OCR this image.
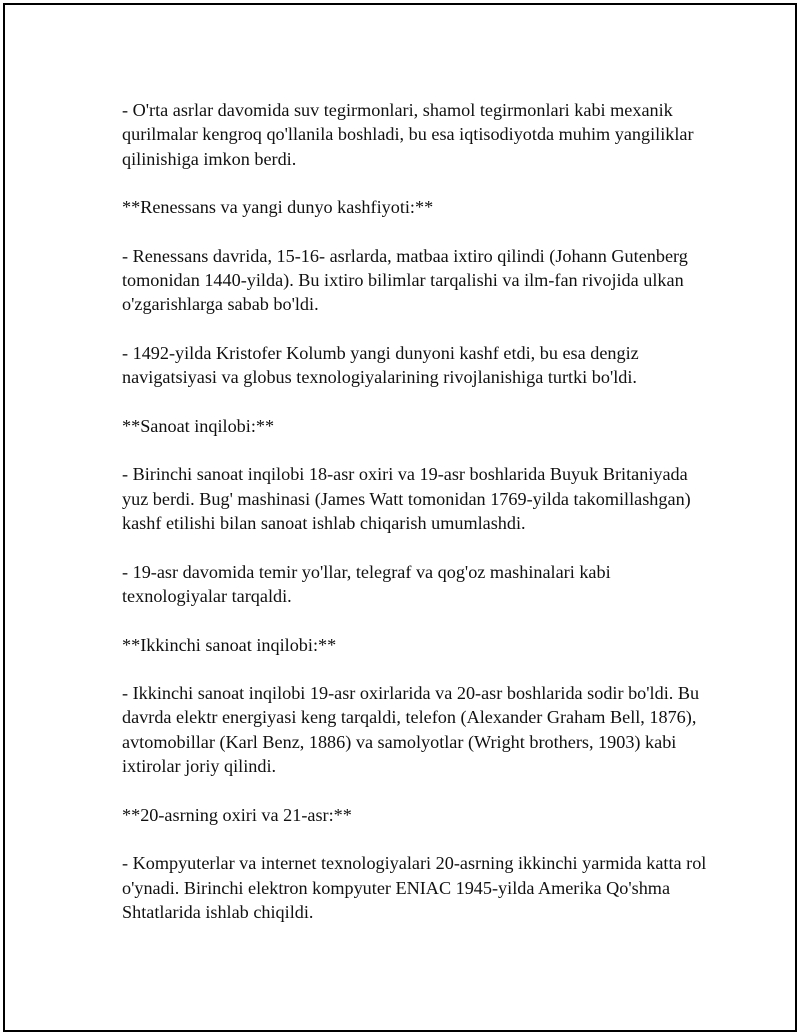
- O'rta asrlar davomida suv tegirmonlari, shamol tegirmonlari kabi mexanik qurilmalar kengroq qo'llanila boshladi, bu esa iqtisodiyotda muhim yangiliklar qilinishiga imkon berdi.

**Renessans va yangi dunyo kashfiyoti:**

- Renessans davrida, 15-16- asrlarda, matbaa ixtiro qilindi (Johann Gutenberg tomonidan 1440-yilda). Bu ixtiro bilimlar tarqalishi va ilm-fan rivojida ulkan o'zgarishlarga sabab bo'ldi.

- 1492-yilda Kristofer Kolumb yangi dunyoni kashf etdi, bu esa dengiz navigatsiyasi va globus texnologiyalarining rivojlanishiga turtki bo'ldi.

**Sanoat inqilobi:**

- Birinchi sanoat inqilobi 18-asr oxiri va 19-asr boshlarida Buyuk Britaniyada yuz berdi. Bug' mashinasi (James Watt tomonidan 1769-yilda takomillashgan) kashf etilishi bilan sanoat ishlab chiqarish umumlashdi.

- 19-asr davomida temir yo'llar, telegraf va qog'oz mashinalari kabi texnologiyalar tarqaldi.

**Ikkinchi sanoat inqilobi:**

- Ikkinchi sanoat inqilobi 19-asr oxirlarida va 20-asr boshlarida sodir bo'ldi. Bu davrda elektr energiyasi keng tarqaldi, telefon (Alexander Graham Bell, 1876), avtomobillar (Karl Benz, 1886) va samolyotlar (Wright brothers, 1903) kabi ixtirolar joriy qilindi.

**20-asrning oxiri va 21-asr:**

- Kompyuterlar va internet texnologiyalari 20-asrning ikkinchi yarmida katta rol o'ynadi. Birinchi elektron kompyuter ENIAC 1945-yilda Amerika Qo'shma Shtatlarida ishlab chiqildi.
